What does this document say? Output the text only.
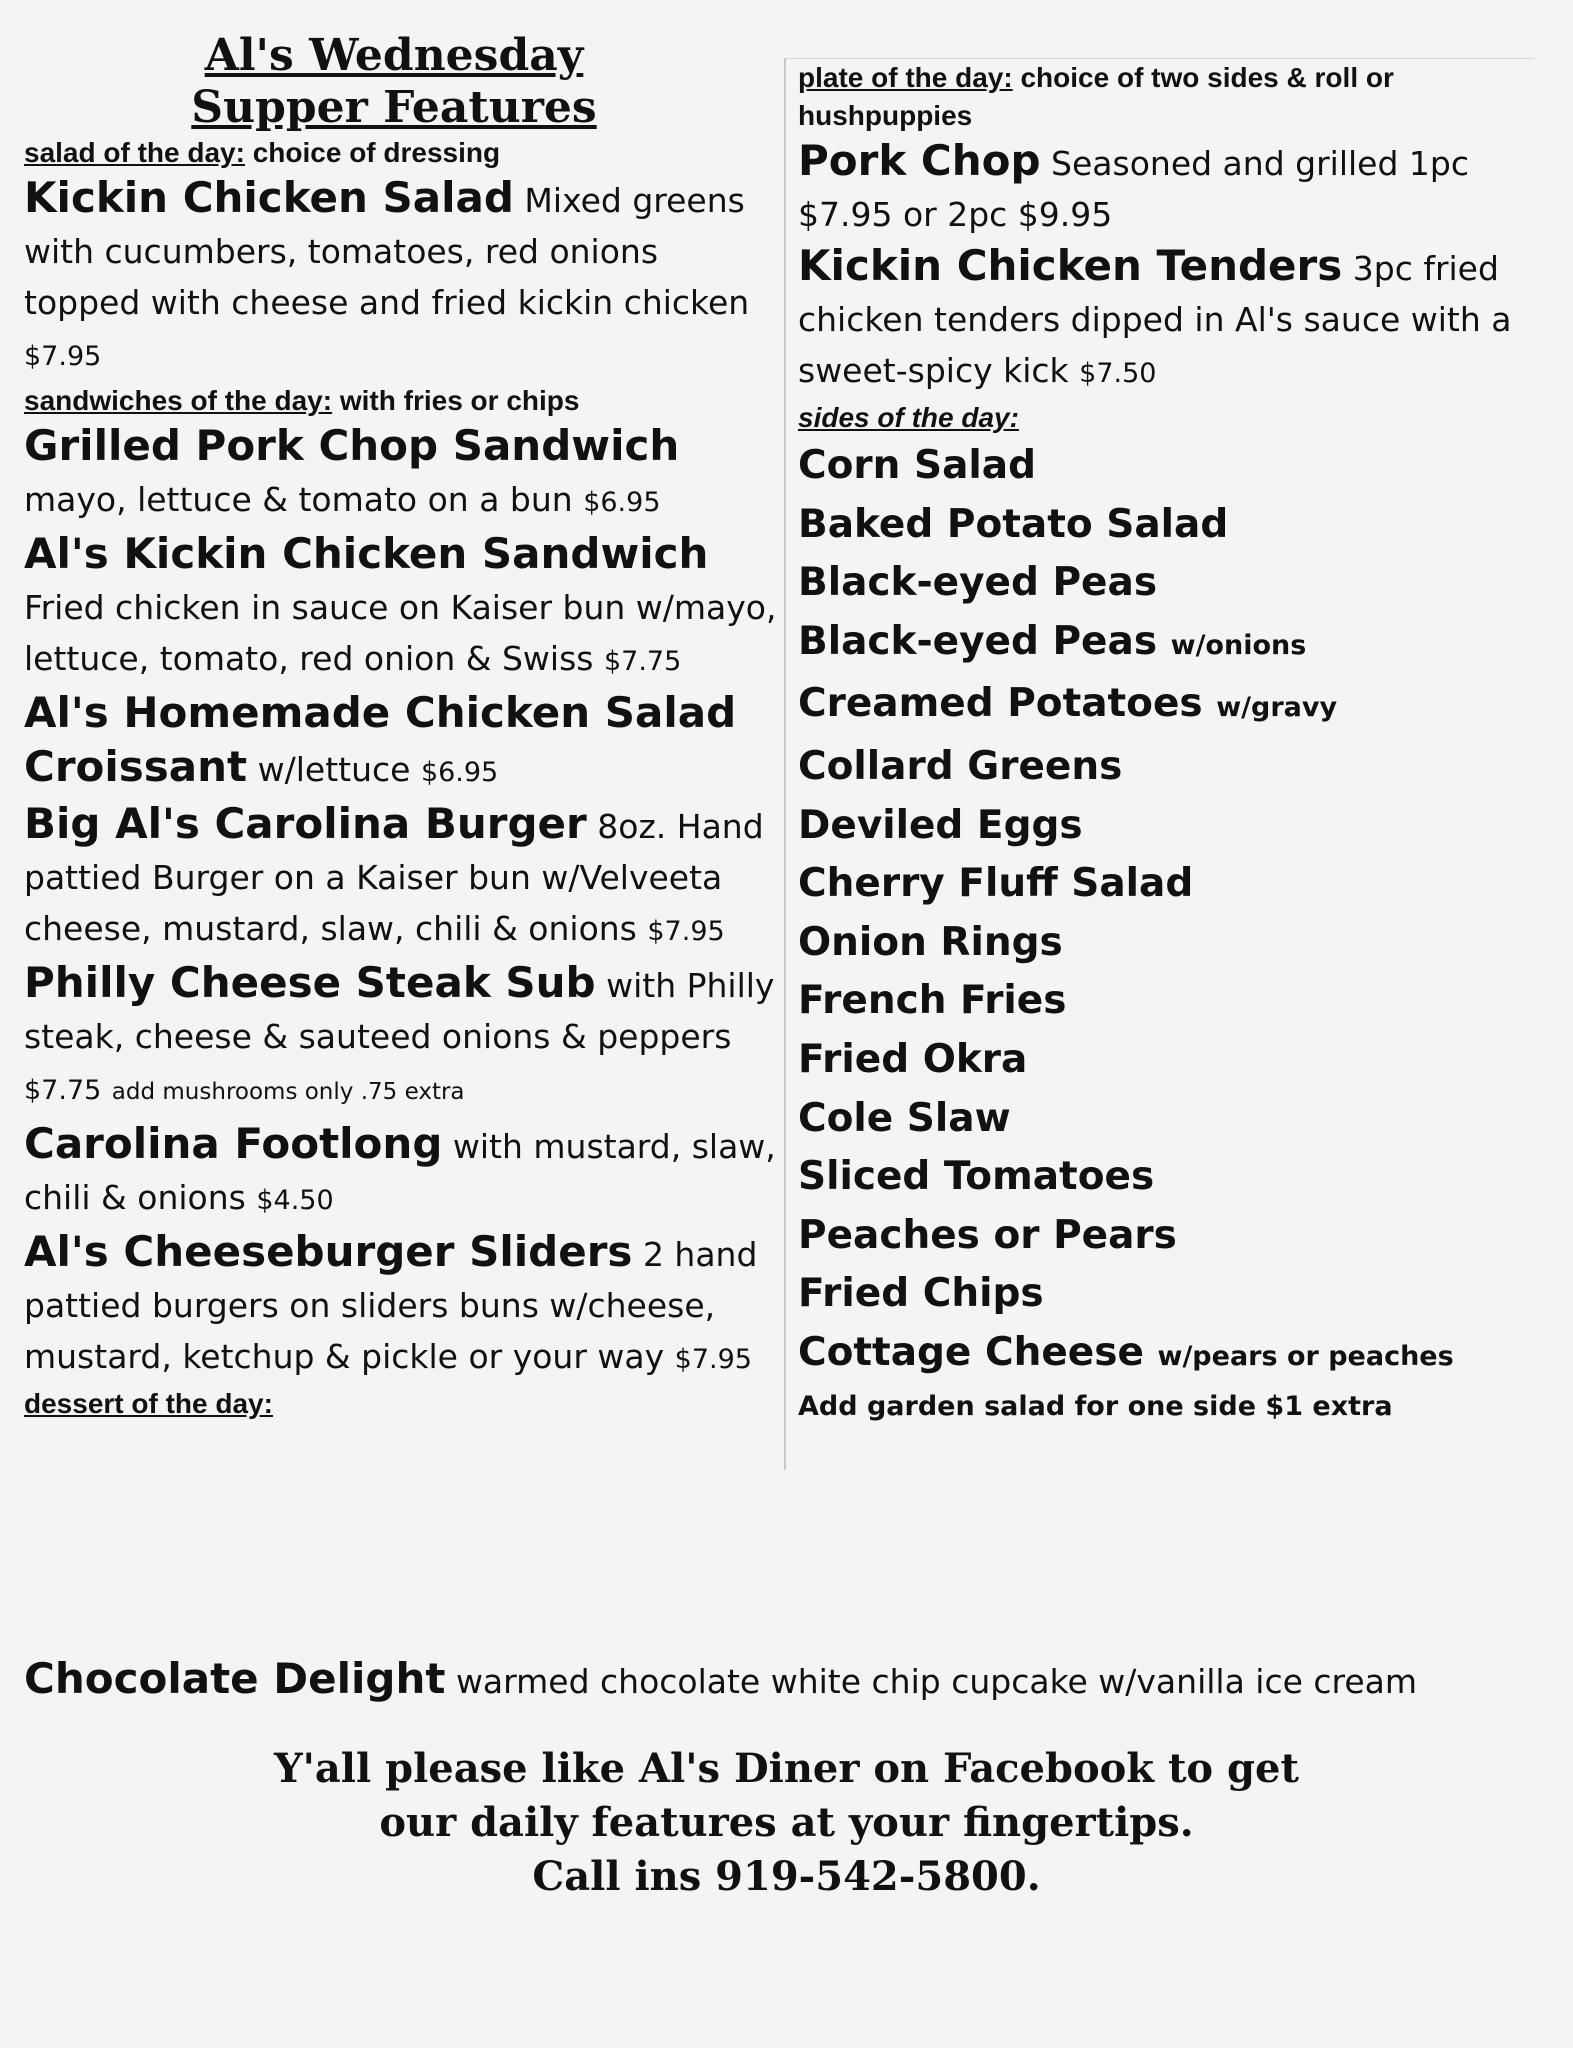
Al's Wednesday
Supper Features

salad of the day: choice of dressing

Kickin Chicken Salad Mixed greens with cucumbers, tomatoes, red onions topped with cheese and fried kickin chicken $7.95

sandwiches of the day: with fries or chips

Grilled Pork Chop Sandwich mayo, lettuce & tomato on a bun $6.95

Al's Kickin Chicken Sandwich
Fried chicken in sauce on Kaiser bun w/mayo, lettuce, tomato, red onion & Swiss $7.75

Al's Homemade Chicken Salad Croissant w/lettuce $6.95

Big Al's Carolina Burger 8oz. Hand pattied Burger on a Kaiser bun w/Velveeta cheese, mustard, slaw, chili & onions $7.95

Philly Cheese Steak Sub with Philly steak, cheese & sauteed onions & peppers $7.75 add mushrooms only .75 extra

Carolina Footlong with mustard, slaw, chili & onions $4.50

Al's Cheeseburger Sliders 2 hand pattied burgers on sliders buns w/cheese, mustard, ketchup & pickle or your way $7.95

dessert of the day:

plate of the day: choice of two sides & roll or hushpuppies

Pork Chop Seasoned and grilled 1pc $7.95 or 2pc $9.95

Kickin Chicken Tenders 3pc fried chicken tenders dipped in Al's sauce with a sweet-spicy kick $7.50

sides of the day:

Corn Salad

Baked Potato Salad

Black-eyed Peas

Black-eyed Peas w/onions

Creamed Potatoes w/gravy

Collard Greens

Deviled Eggs

Cherry Fluff Salad

Onion Rings

French Fries

Fried Okra

Cole Slaw

Sliced Tomatoes

Peaches or Pears

Fried Chips

Cottage Cheese w/pears or peaches

Add garden salad for one side $1 extra

Chocolate Delight warmed chocolate white chip cupcake w/vanilla ice cream

Y'all please like Al's Diner on Facebook to get
our daily features at your fingertips.
Call ins 919-542-5800.
